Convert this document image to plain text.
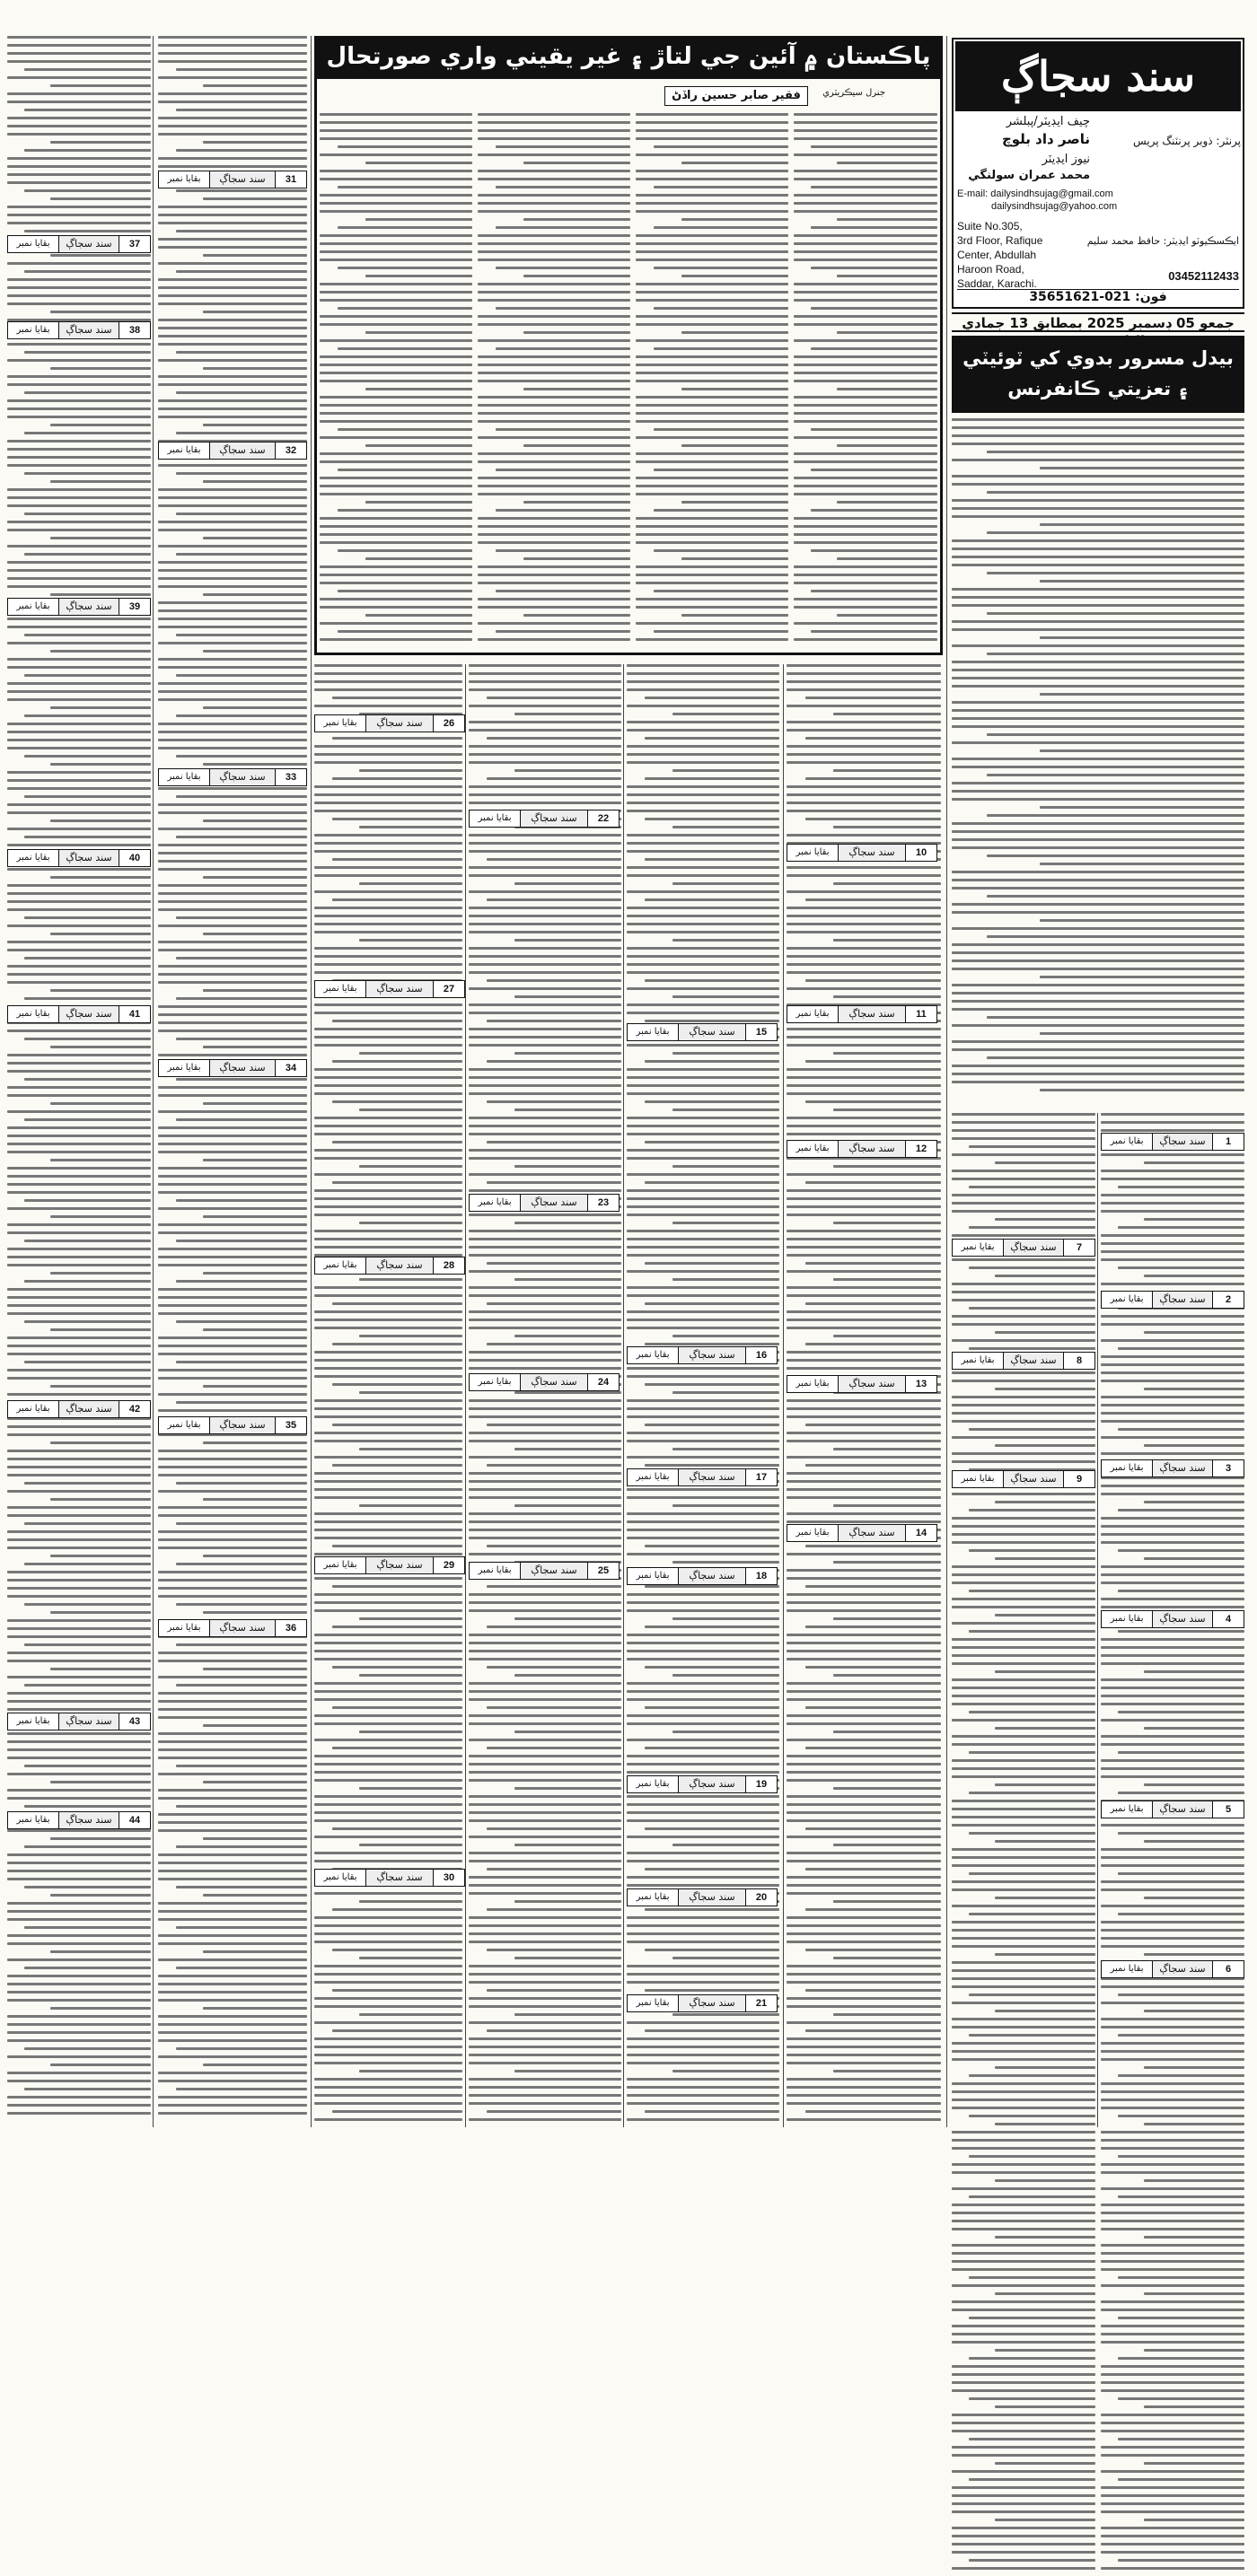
سند سجاڳ
چيف ايڊيٽر/پبلشر
ناصر داد بلوچ
نيوز ايڊيٽر
محمد عمران سولنگي
پرنٽر: ذوبر پرنٽنگ پريس
E-mail: dailysindhsujag@gmail.com
dailysindhsujag@yahoo.com
Suite No.305,
3rd Floor, Rafique
Center, Abdullah
Haroon Road,
Saddar, Karachi.
ايڪسڪيوٽو ايڊيٽر: حافظ محمد سليم
03452112433
فون: 021-35651621
جمعو 05 ڊسمبر 2025 بمطابق 13 جمادي
بيدل مسرور بدوي کي ٽوئيٽي ۽ تعزيتي ڪانفرنس
پاڪستان ۾ آئين جي لتاڙ ۽ غير يقيني واري صورتحال
فقير صابر حسين راڏڻ	جنرل سيڪريٽري
1
سند سجاڳ
بقايا نمبر
2
سند سجاڳ
بقايا نمبر
3
سند سجاڳ
بقايا نمبر
4
سند سجاڳ
بقايا نمبر
5
سند سجاڳ
بقايا نمبر
6
سند سجاڳ
بقايا نمبر
7
سند سجاڳ
بقايا نمبر
8
سند سجاڳ
بقايا نمبر
9
سند سجاڳ
بقايا نمبر
10
سند سجاڳ
بقايا نمبر
11
سند سجاڳ
بقايا نمبر
12
سند سجاڳ
بقايا نمبر
13
سند سجاڳ
بقايا نمبر
14
سند سجاڳ
بقايا نمبر
15
سند سجاڳ
بقايا نمبر
16
سند سجاڳ
بقايا نمبر
17
سند سجاڳ
بقايا نمبر
18
سند سجاڳ
بقايا نمبر
19
سند سجاڳ
بقايا نمبر
20
سند سجاڳ
بقايا نمبر
21
سند سجاڳ
بقايا نمبر
22
سند سجاڳ
بقايا نمبر
23
سند سجاڳ
بقايا نمبر
24
سند سجاڳ
بقايا نمبر
25
سند سجاڳ
بقايا نمبر
26
سند سجاڳ
بقايا نمبر
27
سند سجاڳ
بقايا نمبر
28
سند سجاڳ
بقايا نمبر
29
سند سجاڳ
بقايا نمبر
30
سند سجاڳ
بقايا نمبر
31
سند سجاڳ
بقايا نمبر
32
سند سجاڳ
بقايا نمبر
33
سند سجاڳ
بقايا نمبر
34
سند سجاڳ
بقايا نمبر
35
سند سجاڳ
بقايا نمبر
36
سند سجاڳ
بقايا نمبر
37
سند سجاڳ
بقايا نمبر
38
سند سجاڳ
بقايا نمبر
39
سند سجاڳ
بقايا نمبر
40
سند سجاڳ
بقايا نمبر
41
سند سجاڳ
بقايا نمبر
42
سند سجاڳ
بقايا نمبر
43
سند سجاڳ
بقايا نمبر
44
سند سجاڳ
بقايا نمبر
